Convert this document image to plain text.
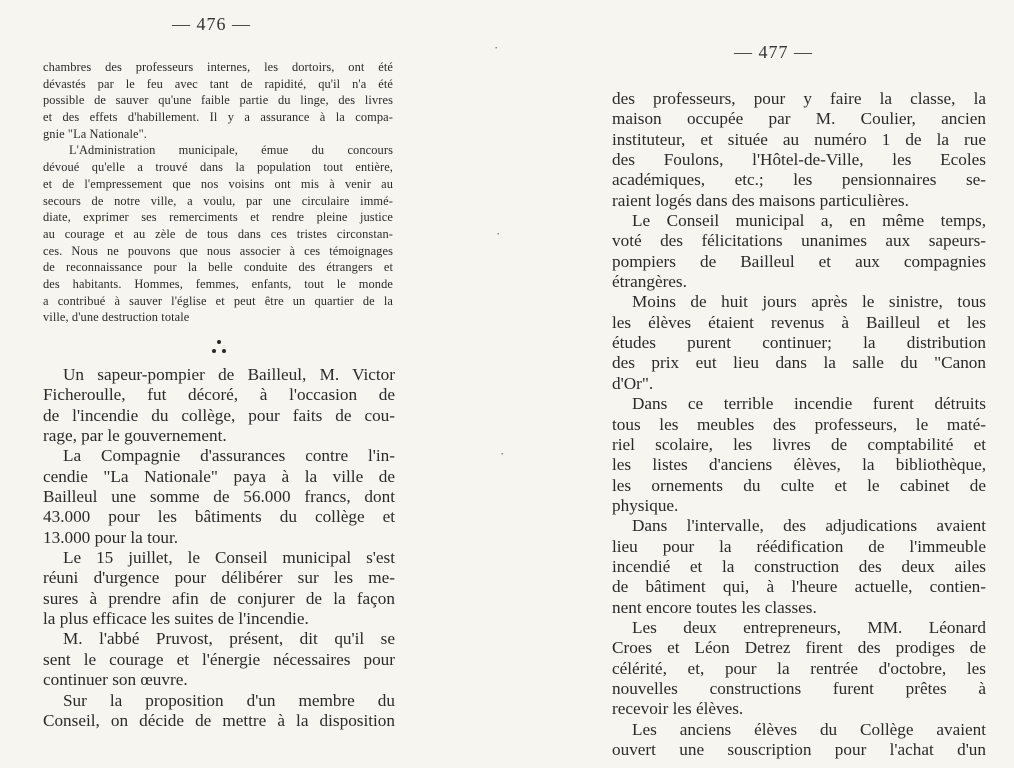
— 476 —
chambres des professeurs internes, les dortoirs, ont été
dévastés par le feu avec tant de rapidité, qu'il n'a été
possible de sauver qu'une faible partie du linge, des livres
et des effets d'habillement. Il y a assurance à la compa-
gnie "La Nationale".
L'Administration municipale, émue du concours
dévoué qu'elle a trouvé dans la population tout entière,
et de l'empressement que nos voisins ont mis à venir au
secours de notre ville, a voulu, par une circulaire immé-
diate, exprimer ses remerciments et rendre pleine justice
au courage et au zèle de tous dans ces tristes circonstan-
ces. Nous ne pouvons que nous associer à ces témoignages
de reconnaissance pour la belle conduite des étrangers et
des habitants. Hommes, femmes, enfants, tout le monde
a contribué à sauver l'église et peut être un quartier de la
ville, d'une destruction totale
Un sapeur-pompier de Bailleul, M. Victor
Ficheroulle, fut décoré, à l'occasion de
de l'incendie du collège, pour faits de cou-
rage, par le gouvernement.
La Compagnie d'assurances contre l'in-
cendie "La Nationale" paya à la ville de
Bailleul une somme de 56.000 francs, dont
43.000 pour les bâtiments du collège et
13.000 pour la tour.
Le 15 juillet, le Conseil municipal s'est
réuni d'urgence pour délibérer sur les me-
sures à prendre afin de conjurer de la façon
la plus efficace les suites de l'incendie.
M. l'abbé Pruvost, présent, dit qu'il se
sent le courage et l'énergie nécessaires pour
continuer son œuvre.
Sur la proposition d'un membre du
Conseil, on décide de mettre à la disposition
·
·
·
— 477 —
des professeurs, pour y faire la classe, la
maison occupée par M. Coulier, ancien
instituteur, et située au numéro 1 de la rue
des Foulons, l'Hôtel-de-Ville, les Ecoles
académiques, etc.; les pensionnaires se-
raient logés dans des maisons particulières.
Le Conseil municipal a, en même temps,
voté des félicitations unanimes aux sapeurs-
pompiers de Bailleul et aux compagnies
étrangères.
Moins de huit jours après le sinistre, tous
les élèves étaient revenus à Bailleul et les
études purent continuer; la distribution
des prix eut lieu dans la salle du "Canon
d'Or".
Dans ce terrible incendie furent détruits
tous les meubles des professeurs, le maté-
riel scolaire, les livres de comptabilité et
les listes d'anciens élèves, la bibliothèque,
les ornements du culte et le cabinet de
physique.
Dans l'intervalle, des adjudications avaient
lieu pour la réédification de l'immeuble
incendié et la construction des deux ailes
de bâtiment qui, à l'heure actuelle, contien-
nent encore toutes les classes.
Les deux entrepreneurs, MM. Léonard
Croes et Léon Detrez firent des prodiges de
célérité, et, pour la rentrée d'octobre, les
nouvelles constructions furent prêtes à
recevoir les élèves.
Les anciens élèves du Collège avaient
ouvert une souscription pour l'achat d'un
